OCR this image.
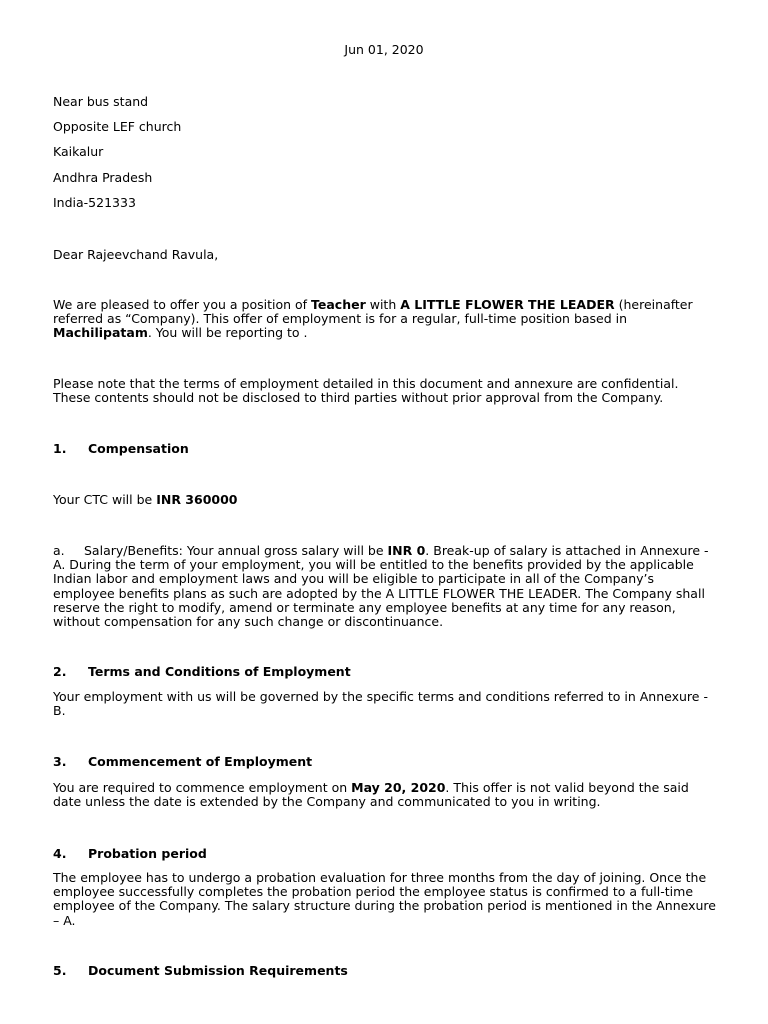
Jun 01, 2020
Near bus stand
Opposite LEF church
Kaikalur
Andhra Pradesh
India-521333
Dear Rajeevchand Ravula,
We are pleased to offer you a position of Teacher with A LITTLE FLOWER THE LEADER (hereinafter referred as “Company). This offer of employment is for a regular, full-time position based in Machilipatam. You will be reporting to .
Please note that the terms of employment detailed in this document and annexure are confidential. These contents should not be disclosed to third parties without prior approval from the Company.
1. Compensation
Your CTC will be INR 360000
a. Salary/Benefits: Your annual gross salary will be INR 0. Break-up of salary is attached in Annexure - A. During the term of your employment, you will be entitled to the benefits provided by the applicable Indian labor and employment laws and you will be eligible to participate in all of the Company’s employee benefits plans as such are adopted by the A LITTLE FLOWER THE LEADER. The Company shall reserve the right to modify, amend or terminate any employee benefits at any time for any reason, without compensation for any such change or discontinuance.
2. Terms and Conditions of Employment
Your employment with us will be governed by the specific terms and conditions referred to in Annexure - B.
3. Commencement of Employment
You are required to commence employment on May 20, 2020. This offer is not valid beyond the said date unless the date is extended by the Company and communicated to you in writing.
4. Probation period
The employee has to undergo a probation evaluation for three months from the day of joining. Once the employee successfully completes the probation period the employee status is confirmed to a full-time employee of the Company. The salary structure during the probation period is mentioned in the Annexure – A.
5. Document Submission Requirements
